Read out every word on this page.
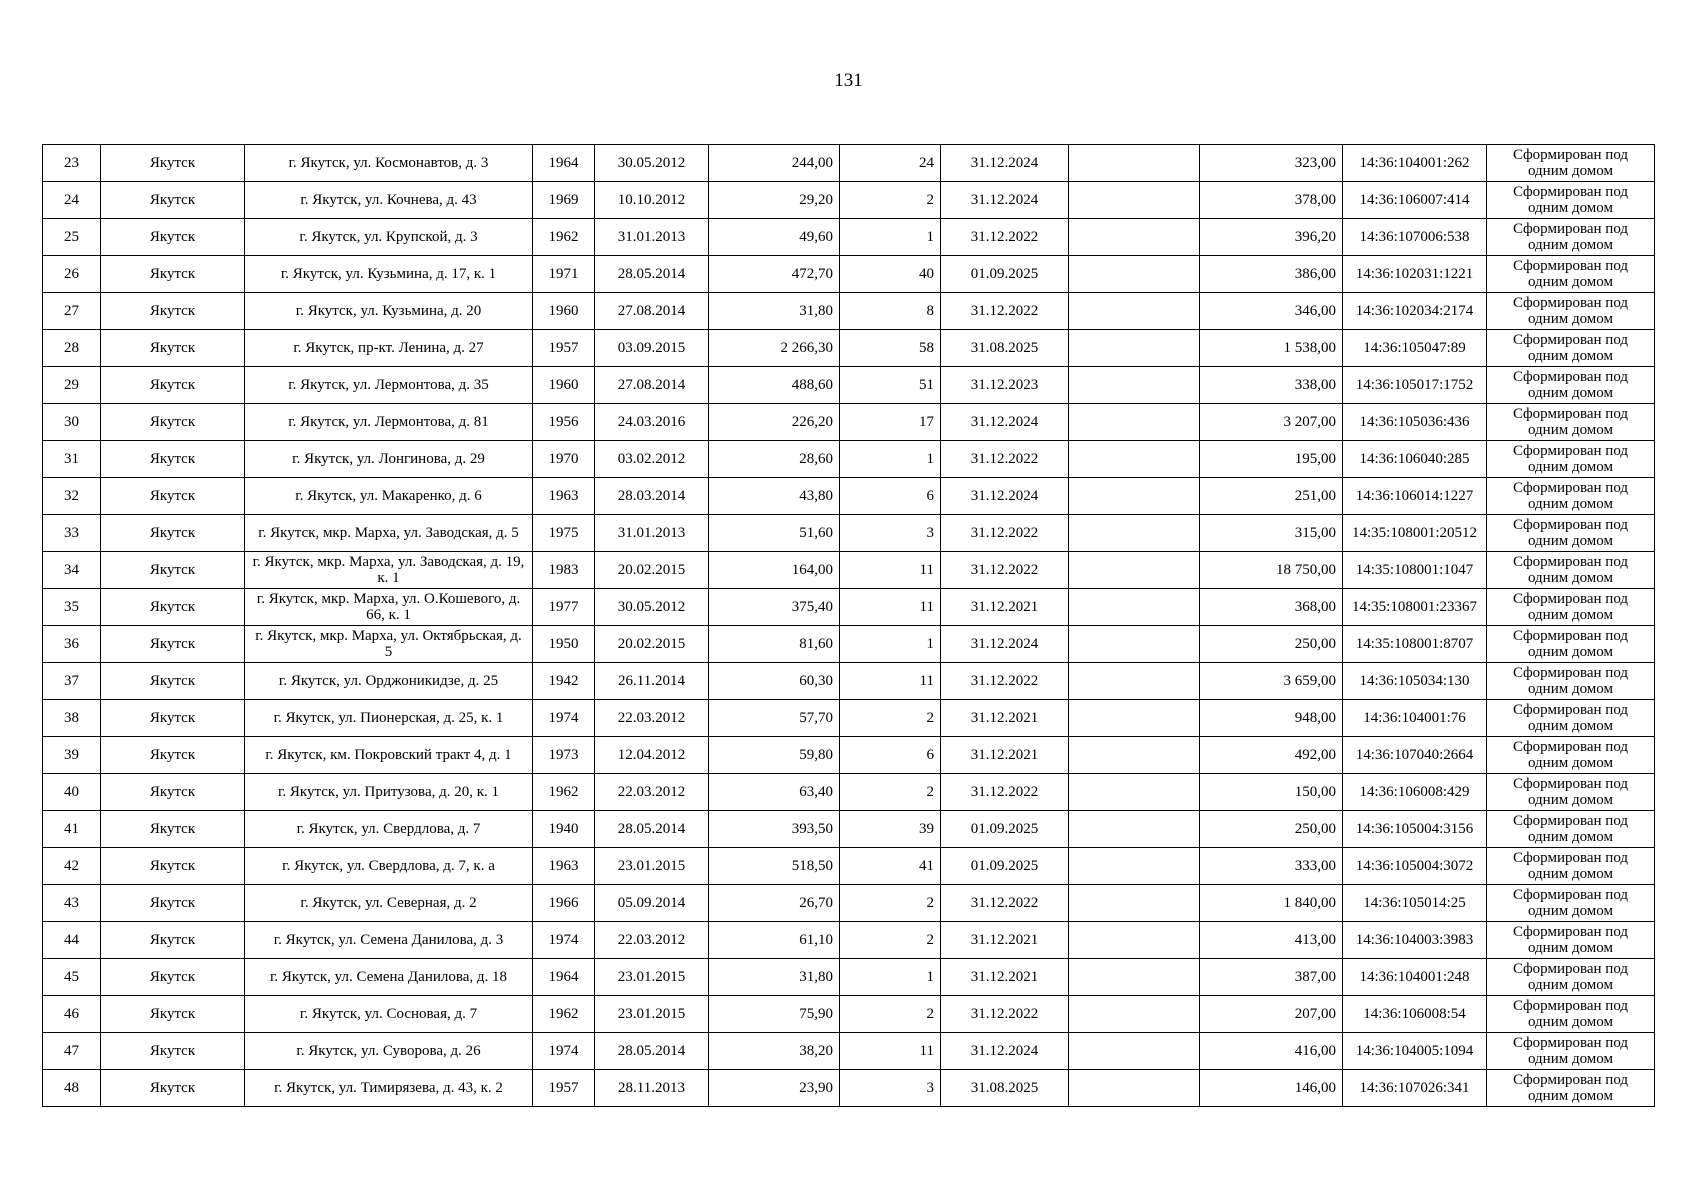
131
23	Якутск	г. Якутск, ул. Космонавтов, д. 3	1964	30.05.2012	244,00	24	31.12.2024		323,00	14:36:104001:262	Сформирован под одним домом
24	Якутск	г. Якутск, ул. Кочнева, д. 43	1969	10.10.2012	29,20	2	31.12.2024		378,00	14:36:106007:414	Сформирован под одним домом
25	Якутск	г. Якутск, ул. Крупской, д. 3	1962	31.01.2013	49,60	1	31.12.2022		396,20	14:36:107006:538	Сформирован под одним домом
26	Якутск	г. Якутск, ул. Кузьмина, д. 17, к. 1	1971	28.05.2014	472,70	40	01.09.2025		386,00	14:36:102031:1221	Сформирован под одним домом
27	Якутск	г. Якутск, ул. Кузьмина, д. 20	1960	27.08.2014	31,80	8	31.12.2022		346,00	14:36:102034:2174	Сформирован под одним домом
28	Якутск	г. Якутск, пр-кт. Ленина, д. 27	1957	03.09.2015	2 266,30	58	31.08.2025		1 538,00	14:36:105047:89	Сформирован под одним домом
29	Якутск	г. Якутск, ул. Лермонтова, д. 35	1960	27.08.2014	488,60	51	31.12.2023		338,00	14:36:105017:1752	Сформирован под одним домом
30	Якутск	г. Якутск, ул. Лермонтова, д. 81	1956	24.03.2016	226,20	17	31.12.2024		3 207,00	14:36:105036:436	Сформирован под одним домом
31	Якутск	г. Якутск, ул. Лонгинова, д. 29	1970	03.02.2012	28,60	1	31.12.2022		195,00	14:36:106040:285	Сформирован под одним домом
32	Якутск	г. Якутск, ул. Макаренко, д. 6	1963	28.03.2014	43,80	6	31.12.2024		251,00	14:36:106014:1227	Сформирован под одним домом
33	Якутск	г. Якутск, мкр. Марха, ул. Заводская, д. 5	1975	31.01.2013	51,60	3	31.12.2022		315,00	14:35:108001:20512	Сформирован под одним домом
34	Якутск	г. Якутск, мкр. Марха, ул. Заводская, д. 19, к. 1	1983	20.02.2015	164,00	11	31.12.2022		18 750,00	14:35:108001:1047	Сформирован под одним домом
35	Якутск	г. Якутск, мкр. Марха, ул. О.Кошевого, д. 66, к. 1	1977	30.05.2012	375,40	11	31.12.2021		368,00	14:35:108001:23367	Сформирован под одним домом
36	Якутск	г. Якутск, мкр. Марха, ул. Октябрьская, д. 5	1950	20.02.2015	81,60	1	31.12.2024		250,00	14:35:108001:8707	Сформирован под одним домом
37	Якутск	г. Якутск, ул. Орджоникидзе, д. 25	1942	26.11.2014	60,30	11	31.12.2022		3 659,00	14:36:105034:130	Сформирован под одним домом
38	Якутск	г. Якутск, ул. Пионерская, д. 25, к. 1	1974	22.03.2012	57,70	2	31.12.2021		948,00	14:36:104001:76	Сформирован под одним домом
39	Якутск	г. Якутск, км. Покровский тракт 4, д. 1	1973	12.04.2012	59,80	6	31.12.2021		492,00	14:36:107040:2664	Сформирован под одним домом
40	Якутск	г. Якутск, ул. Притузова, д. 20, к. 1	1962	22.03.2012	63,40	2	31.12.2022		150,00	14:36:106008:429	Сформирован под одним домом
41	Якутск	г. Якутск, ул. Свердлова, д. 7	1940	28.05.2014	393,50	39	01.09.2025		250,00	14:36:105004:3156	Сформирован под одним домом
42	Якутск	г. Якутск, ул. Свердлова, д. 7, к. а	1963	23.01.2015	518,50	41	01.09.2025		333,00	14:36:105004:3072	Сформирован под одним домом
43	Якутск	г. Якутск, ул. Северная, д. 2	1966	05.09.2014	26,70	2	31.12.2022		1 840,00	14:36:105014:25	Сформирован под одним домом
44	Якутск	г. Якутск, ул. Семена Данилова, д. 3	1974	22.03.2012	61,10	2	31.12.2021		413,00	14:36:104003:3983	Сформирован под одним домом
45	Якутск	г. Якутск, ул. Семена Данилова, д. 18	1964	23.01.2015	31,80	1	31.12.2021		387,00	14:36:104001:248	Сформирован под одним домом
46	Якутск	г. Якутск, ул. Сосновая, д. 7	1962	23.01.2015	75,90	2	31.12.2022		207,00	14:36:106008:54	Сформирован под одним домом
47	Якутск	г. Якутск, ул. Суворова, д. 26	1974	28.05.2014	38,20	11	31.12.2024		416,00	14:36:104005:1094	Сформирован под одним домом
48	Якутск	г. Якутск, ул. Тимирязева, д. 43, к. 2	1957	28.11.2013	23,90	3	31.08.2025		146,00	14:36:107026:341	Сформирован под одним домом
